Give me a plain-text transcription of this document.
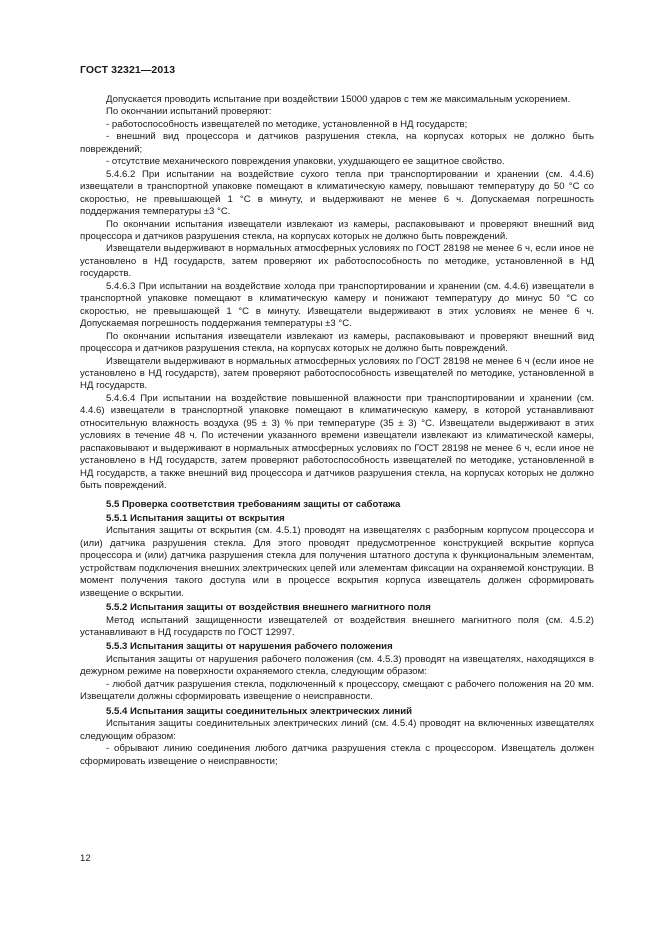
ГОСТ 32321—2013

Допускается проводить испытание при воздействии 15000 ударов с тем же максимальным ускорением.

По окончании испытаний проверяют:

- работоспособность извещателей по методике, установленной в НД государств;

- внешний вид процессора и датчиков разрушения стекла, на корпусах которых не должно быть повреждений;

- отсутствие механического повреждения упаковки, ухудшающего ее защитное свойство.

5.4.6.2 При испытании на воздействие сухого тепла при транспортировании и хранении (см. 4.4.6) извещатели в транспортной упаковке помещают в климатическую камеру, повышают температуру до 50 °С со скоростью, не превышающей 1 °С в минуту, и выдерживают не менее 6 ч. Допускаемая погрешность поддержания температуры ±3 °С.

По окончании испытания извещатели извлекают из камеры, распаковывают и проверяют внешний вид процессора и датчиков разрушения стекла, на корпусах которых не должно быть повреждений.

Извещатели выдерживают в нормальных атмосферных условиях по ГОСТ 28198 не менее 6 ч, если иное не установлено в НД государств, затем проверяют их работоспособность по методике, установленной в НД государств.

5.4.6.3 При испытании на воздействие холода при транспортировании и хранении (см. 4.4.6) извещатели в транспортной упаковке помещают в климатическую камеру и понижают температуру до минус 50 °С со скоростью, не превышающей 1 °С в минуту. Извещатели выдерживают в этих условиях не менее 6 ч. Допускаемая погрешность поддержания температуры ±3 °С.

По окончании испытания извещатели извлекают из камеры, распаковывают и проверяют внешний вид процессора и датчиков разрушения стекла, на корпусах которых не должно быть повреждений.

Извещатели выдерживают в нормальных атмосферных условиях по ГОСТ 28198 не менее 6 ч (если иное не установлено в НД государств), затем проверяют работоспособность извещателей по методике, установленной в НД государств.

5.4.6.4 При испытании на воздействие повышенной влажности при транспортировании и хранении (см. 4.4.6) извещатели в транспортной упаковке помещают в климатическую камеру, в которой устанавливают относительную влажность воздуха (95 ± 3) % при температуре (35 ± 3) °С. Извещатели выдерживают в этих условиях в течение 48 ч. По истечении указанного времени извещатели извлекают из климатической камеры, распаковывают и выдерживают в нормальных атмосферных условиях по ГОСТ 28198 не менее 6 ч, если иное не установлено в НД государств, затем проверяют работоспособность извещателей по методике, установленной в НД государств, а также внешний вид процессора и датчиков разрушения стекла, на корпусах которых не должно быть повреждений.

5.5 Проверка соответствия требованиям защиты от саботажа

5.5.1 Испытания защиты от вскрытия

Испытания защиты от вскрытия (см. 4.5.1) проводят на извещателях с разборным корпусом процессора и (или) датчика разрушения стекла. Для этого проводят предусмотренное конструкцией вскрытие корпуса процессора и (или) датчика разрушения стекла для получения штатного доступа к функциональным элементам, устройствам подключения внешних электрических цепей или элементам фиксации на охраняемой конструкции. В момент получения такого доступа или в процессе вскрытия корпуса извещатель должен сформировать извещение о вскрытии.

5.5.2 Испытания защиты от воздействия внешнего магнитного поля

Метод испытаний защищенности извещателей от воздействия внешнего магнитного поля (см. 4.5.2) устанавливают в НД государств по ГОСТ 12997.

5.5.3 Испытания защиты от нарушения рабочего положения

Испытания защиты от нарушения рабочего положения (см. 4.5.3) проводят на извещателях, находящихся в дежурном режиме на поверхности охраняемого стекла, следующим образом:

- любой датчик разрушения стекла, подключенный к процессору, смещают с рабочего положения на 20 мм. Извещатели должны сформировать извещение о неисправности.

5.5.4 Испытания защиты соединительных электрических линий

Испытания защиты соединительных электрических линий (см. 4.5.4) проводят на включенных извещателях следующим образом:

- обрывают линию соединения любого датчика разрушения стекла с процессором. Извещатель должен сформировать извещение о неисправности;

12
